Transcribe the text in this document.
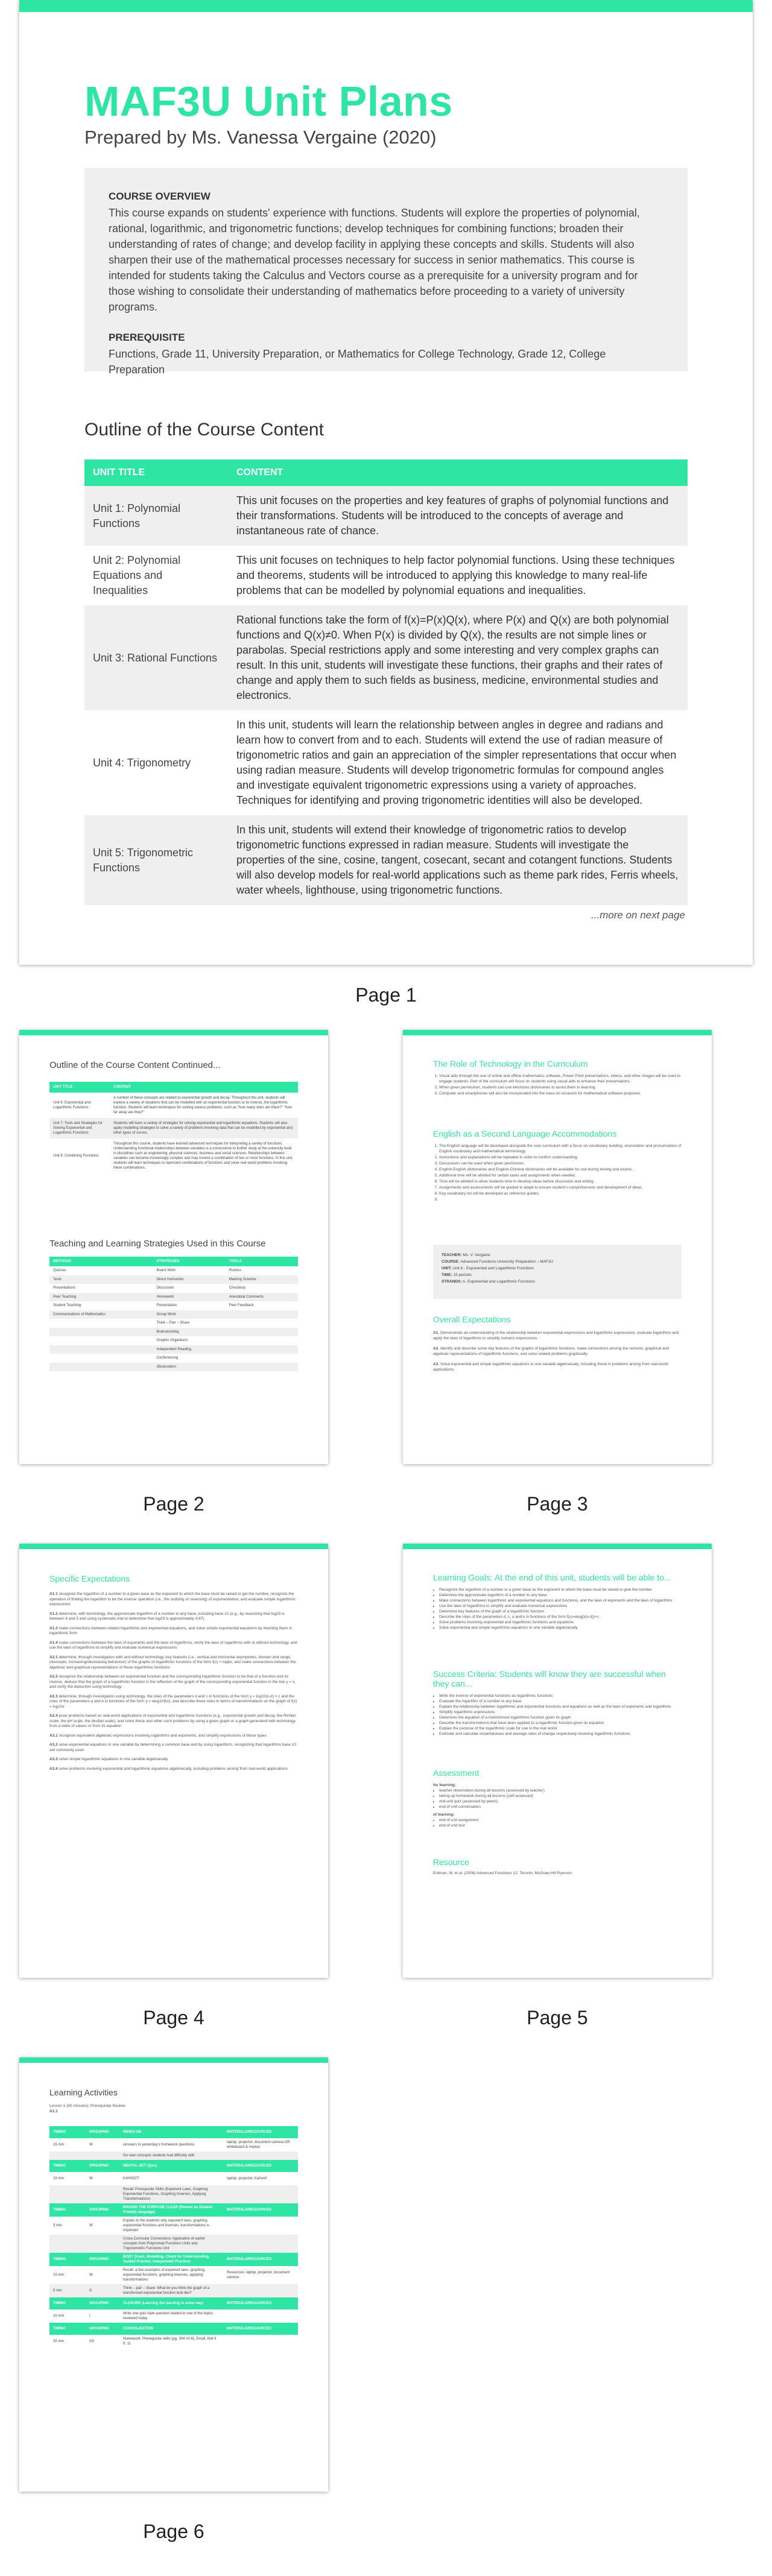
MAF3U Unit Plans
Prepared by Ms. Vanessa Vergaine (2020)
COURSE OVERVIEW
This course expands on students' experience with functions. Students will explore the properties of polynomial, rational, logarithmic, and trigonometric functions; develop techniques for combining functions; broaden their understanding of rates of change; and develop facility in applying these concepts and skills. Students will also sharpen their use of the mathematical processes necessary for success in senior mathematics. This course is intended for students taking the Calculus and Vectors course as a prerequisite for a university program and for those wishing to consolidate their understanding of mathematics before proceeding to a variety of university programs.
PREREQUISITE
Functions, Grade 11, University Preparation, or Mathematics for College Technology, Grade 12, College Preparation
Outline of the Course Content
UNIT TITLE	CONTENT
Unit 1: Polynomial Functions	This unit focuses on the properties and key features of graphs of polynomial functions and their transformations. Students will be introduced to the concepts of average and instantaneous rate of chance.
Unit 2: Polynomial Equations and Inequalities	This unit focuses on techniques to help factor polynomial functions. Using these techniques and theorems, students will be introduced to applying this knowledge to many real-life problems that can be modelled by polynomial equations and inequalities.
Unit 3: Rational Functions	Rational functions take the form of f(x)=P(x)Q(x), where P(x) and Q(x) are both polynomial functions and Q(x)≠0. When P(x) is divided by Q(x), the results are not simple lines or parabolas. Special restrictions apply and some interesting and very complex graphs can result. In this unit, students will investigate these functions, their graphs and their rates of change and apply them to such fields as business, medicine, environmental studies and electronics.
Unit 4: Trigonometry	In this unit, students will learn the relationship between angles in degree and radians and learn how to convert from and to each. Students will extend the use of radian measure of trigonometric ratios and gain an appreciation of the simpler representations that occur when using radian measure. Students will develop trigonometric formulas for compound angles and investigate equivalent trigonometric expressions using a variety of approaches. Techniques for identifying and proving trigonometric identities will also be developed.
Unit 5: Trigonometric Functions	In this unit, students will extend their knowledge of trigonometric ratios to develop trigonometric functions expressed in radian measure. Students will investigate the properties of the sine, cosine, tangent, cosecant, secant and cotangent functions. Students will also develop models for real-world applications such as theme park rides, Ferris wheels, water wheels, lighthouse, using trigonometric functions.
...more on next page
Page 1
Outline of the Course Content Continued...
UNIT TITLE	CONTENT
Unit 6: Exponential and Logarithmic Functions	A number of these concepts are related to exponential growth and decay. Throughout this unit, students will explore a variety of situations that can be modelled with an exponential function or its inverse, the logarithmic function. Students will learn techniques for solving various problems, such as "how many stars are there?" "how far away are they?"
Unit 7: Tools and Strategies for Solving Exponential and Logarithmic Functions	Students will learn a variety of strategies for solving exponential and logarithmic equations. Students will also apply modelling strategies to solve a variety of problems involving data that can be modelled by exponential and other types of curves.
Unit 8: Combining Functions	Throughout this course, students have learned advanced techniques for interpreting a variety of functions. Understanding functional relationships between variables is a cornerstone to further study at the university level in disciplines such as engineering, physical sciences, business and social sciences. Relationships between variables can become increasingly complex and may involve a combination of two or more functions. In this unit, students will learn techniques to represent combinations of functions and solve real-world problems involving these combinations.
Teaching and Learning Strategies Used in this Course
METHODS	STRATEGIES	TOOLS
Quizzes	Board Work	Rubrics
Tests	Direct Instruction	Marking Scheme
Presentations	Discussion	Checklists
Peer Teaching	Homework	Anecdotal Comments
Student Teaching	Presentation	Peer Feedback
Communications of Mathematics	Group Work	
	Think – Pair – Share	
	Brainstorming	
	Graphic Organizers	
	Independent Reading	
	Conferencing	
	Observation	
Page 2
The Role of Technology in the Curriculum
1. Visual aids through the use of online and offline mathematics software, Power Point presentations, videos, and other images will be used to engage students. Part of the curriculum will focus on students using visual aids to enhance their presentations.
2. When given permission, students can use electronic dictionaries to assist them in learning.
3. Computer and smartphones will also be incorporated into the class on occasion for mathematical software purposes.
English as a Second Language Accommodations
1. The English language will be developed alongside the core curriculum with a focus on vocabulary building, enunciation and pronunciation of English vocabulary and mathematical terminology.
2. Instructions and explanations will be repeated in order to confirm understanding.
3. Discussions can be used when given permission.
4. English-English dictionaries and English-Chinese dictionaries will be available for use during testing and exams.
5. Additional time will be allotted for certain tasks and assignments when needed.
6. Time will be allotted to allow students time to develop ideas before discussion and writing.
7. Assignments and assessments will be graded to adapt to ensure student's comprehension and development of ideas.
8. Key vocabulary list will be developed as reference guides.
9.
TEACHER: Ms. V. Vergaine
COURSE: Advanced Functions University Preparation – MAF3U
UNIT: Unit 6 - Exponential and Logarithmic Functions
TIME: 15 periods
STRANDS: A. Exponential and Logarithmic Functions
Overall Expectations
A1. Demonstrate an understanding of the relationship between exponential expressions and logarithmic expressions, evaluate logarithms and apply the laws of logarithms to simplify numeric expressions.
A2. Identify and describe some key features of the graphs of logarithmic functions, make connections among the numeric, graphical and algebraic representations of logarithmic functions, and solve related problems graphically.
A3. Solve exponential and simple logarithmic equations in one variable algebraically, including those in problems arising from real-world applications.
Page 3
Specific Expectations

A1.1 recognize the logarithm of a number to a given base as the exponent to which the base must be raised to get the number, recognize the operation of finding the logarithm to be the inverse operation (i.e., the undoing or reversing) of exponentiation, and evaluate simple logarithmic expressions

A1.2 determine, with technology, the approximate logarithm of a number to any base, including base 10 (e.g., by reasoning that log29 is between 4 and 5 and using systematic trial to determine that log29 is approximately 4.87)

A1.3 make connections between related logarithmic and exponential equations, and solve simple exponential equations by rewriting them in logarithmic form

A1.4 make connections between the laws of exponents and the laws of logarithms, verify the laws of logarithms with or without technology, and use the laws of logarithms to simplify and evaluate numerical expressions

A2.1 determine, through investigation with and without technology, key features (i.e., vertical and horizontal asymptotes, domain and range, intercepts, increasing/decreasing behaviour) of the graphs of logarithmic functions of the form f(x) = logbx, and make connections between the algebraic and graphical representations of these logarithmic functions

A2.2 recognize the relationship between an exponential function and the corresponding logarithmic function to be that of a function and its inverse, deduce that the graph of a logarithmic function is the reflection of the graph of the corresponding exponential function in the line y = x, and verify the deduction using technology

A2.3 determine, through investigation using technology, the roles of the parameters d and c in functions of the form y = log10(x-d) + c and the roles of the parameters a and k in functions of the form y = alog10(kx), and describe these roles in terms of transformations on the graph of f(x) = log10x

A2.4 pose problems based on real-world applications of exponential and logarithmic functions (e.g., exponential growth and decay, the Richter scale, the pH scale, the decibel scale), and solve these and other such problems by using a given graph or a graph generated with technology from a table of values or from its equation

A3.1 recognize equivalent algebraic expressions involving logarithms and exponents, and simplify expressions of these types

A3.2 solve exponential equations in one variable by determining a common base and by using logarithms, recognizing that logarithms base 10 are commonly used

A3.3 solve simple logarithmic equations in one variable algebraically

A3.4 solve problems involving exponential and logarithmic equations algebraically, including problems arising from real-world applications

Page 4
Learning Goals: At the end of this unit, students will be able to...
• Recognize the logarithm of a number to a given base as the exponent to which the base must be raised to give the number
• Determine the approximate logarithm of a number to any base
• Make connections between logarithmic and exponential equations and functions, and the laws of exponents and the laws of logarithms
• Use the laws of logarithms to simplify and evaluate numerical expressions
• Determine key features of the graph of a logarithmic function
• Describe the roles of the parameters d, c, a and k in functions of the form f(x)=alog(k(x-d))+c
• Solve problems involving exponential and logarithmic functions and equations
• Solve exponential and simple logarithmic equations in one variable algebraically
Success Criteria: Students will know they are successful when they can...
• Write the inverse of exponential functions as logarithmic functions
• Evaluate the logarithm of a number to any base
• Explain the relationship between logarithmic and exponential functions and equations as well as the laws of exponents and logarithms
• Simplify logarithmic expressions
• Determine the equation of a transformed logarithmic function given its graph
• Describe the transformations that have been applied to a logarithmic function given its equation
• Explain the purpose of the logarithmic scale for use in the real world
• Estimate and calculate instantaneous and average rates of change respectively involving logarithmic functions
Assessment
for learning:
• teacher observation during all lessons (assessed by teacher)
• taking up homework during all lessons (self-assessed)
• mid-unit quiz (assessed by peers)
• end of unit conversation
of learning:
• end of unit assignment
• end of unit test
Resource
Erdman, W. et al. (2008) Advanced Functions 12. Toronto: McGraw-Hill Ryerson
Page 5
Learning Activities
Lesson 1 (60 minutes): Prerequisite Review
A1.1
TIMING	GROUPING	MINDS-ON	MATERIALS/RESOURCES
15 min	W	Answers to yesterday's homework questions	laptop, projector, document camera OR whiteboard & marker
		Go over concepts students had difficulty with	
TIMING	GROUPING	MENTAL SET (Quiz)	MATERIALS/RESOURCES
15 min	W	KAHOOT!	laptop, projector, Kahoot!
		Recall: Prerequisite Skills (Exponent Laws, Graphing Exponential Functions, Graphing Inverses, Applying Transformations)	
TIMING	GROUPING	MAKING THE PURPOSE CLEAR (Review as Student Friendly language)	MATERIALS/RESOURCES
5 min	W	Explain to the students why exponent laws, graphing exponential functions and inverses, transformations is important	
		Cross-Curricular Connections: Application of earlier concepts from Polynomial Functions Units and Trigonometric Functions Unit	
TIMING	GROUPING	BODY (Input, Modelling, Check for Understanding, Guided Practice, Independent Practice)	MATERIALS/RESOURCES
15 min	W	Recall: a few examples of exponent laws, graphing exponential functions, graphing inverses, applying transformations	Resources: laptop, projector, document camera
5 min	G	Think – pair – share: What do you think the graph of a transformed exponential function look like?	
TIMING	GROUPING	CLOSURE (Learning the learning in some way)	MATERIALS/RESOURCES
10 min	I	Write one quiz-style question related to one of the topics reviewed today	
TIMING	GROUPING	CONSOLIDATION	MATERIALS/RESOURCES
20 min	I/G	Homework: Prerequisite skills (pg. 304 #2-6), Email, find 4 ft. 11	
Page 6
